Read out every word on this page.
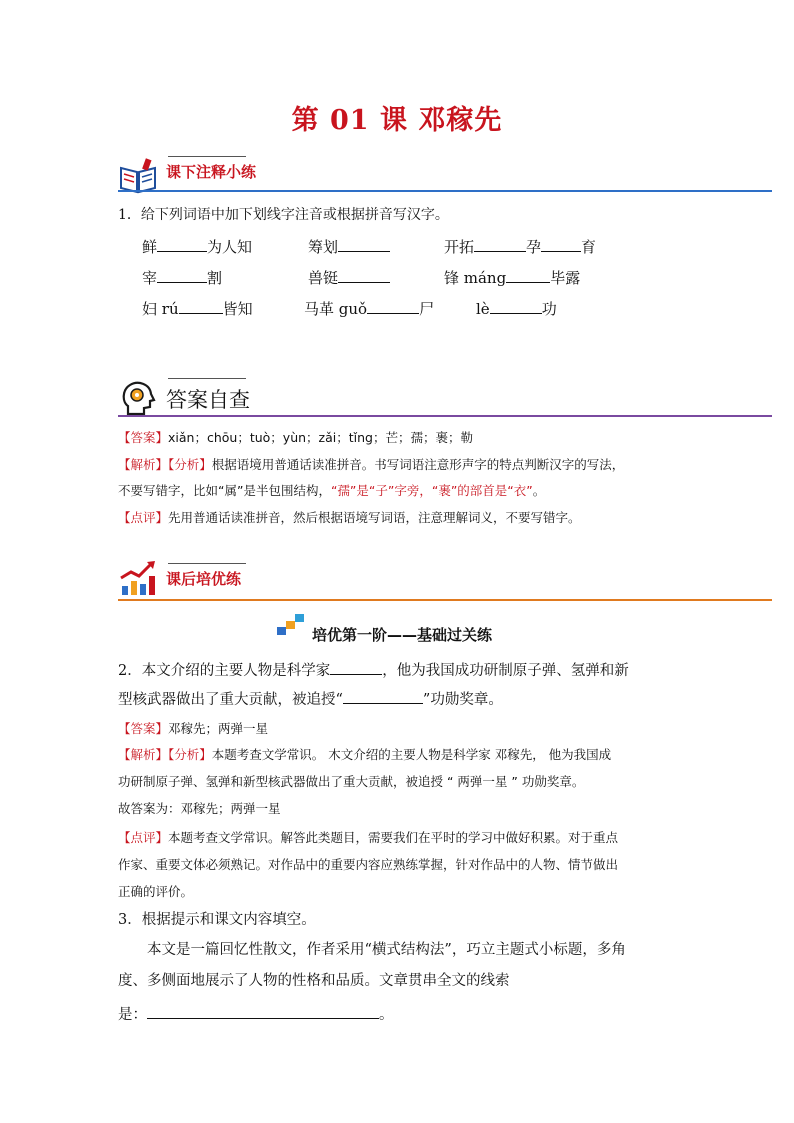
第 01 课 邓稼先
课下注释小练
1．给下列词语中加下划线字注音或根据拼音写汉字。
鲜	为人知	筹划	开拓	孕	育
宰	割	兽铤	锋 máng	毕露
妇 rú	皆知	马革 guǒ	尸	lè	功
答案自查
【答案】xiǎn；chōu；tuò；yùn；zǎi；tǐng；芒；孺；裹；勒
【解析】【分析】根据语境用普通话读准拼音。书写词语注意形声字的特点判断汉字的写法，
不要写错字，比如“属”是半包围结构，“孺”是“子”字旁，“裹”的部首是“衣”。
【点评】先用普通话读准拼音，然后根据语境写词语，注意理解词义，不要写错字。
课后培优练
培优第一阶——基础过关练
2．本文介绍的主要人物是科学家	，他为我国成功研制原子弹、氢弹和新
型核武器做出了重大贡献，被追授“	”功勋奖章。
【答案】邓稼先；两弹一星
【解析】【分析】本题考查文学常识。 木文介绍的主要人物是科学家 邓稼先， 他为我国成
功研制原子弹、氢弹和新型核武器做出了重大贡献，被追授 “ 两弹一星 ” 功勋奖章。
故答案为：邓稼先；两弹一星
【点评】本题考查文学常识。解答此类题目，需要我们在平时的学习中做好积累。对于重点
作家、重要文体必须熟记。对作品中的重要内容应熟练掌握，针对作品中的人物、情节做出
正确的评价。
3．根据提示和课文内容填空。
本文是一篇回忆性散文，作者采用“横式结构法”，巧立主题式小标题，多角
度、多侧面地展示了人物的性格和品质。文章贯串全文的线索
是：	。
